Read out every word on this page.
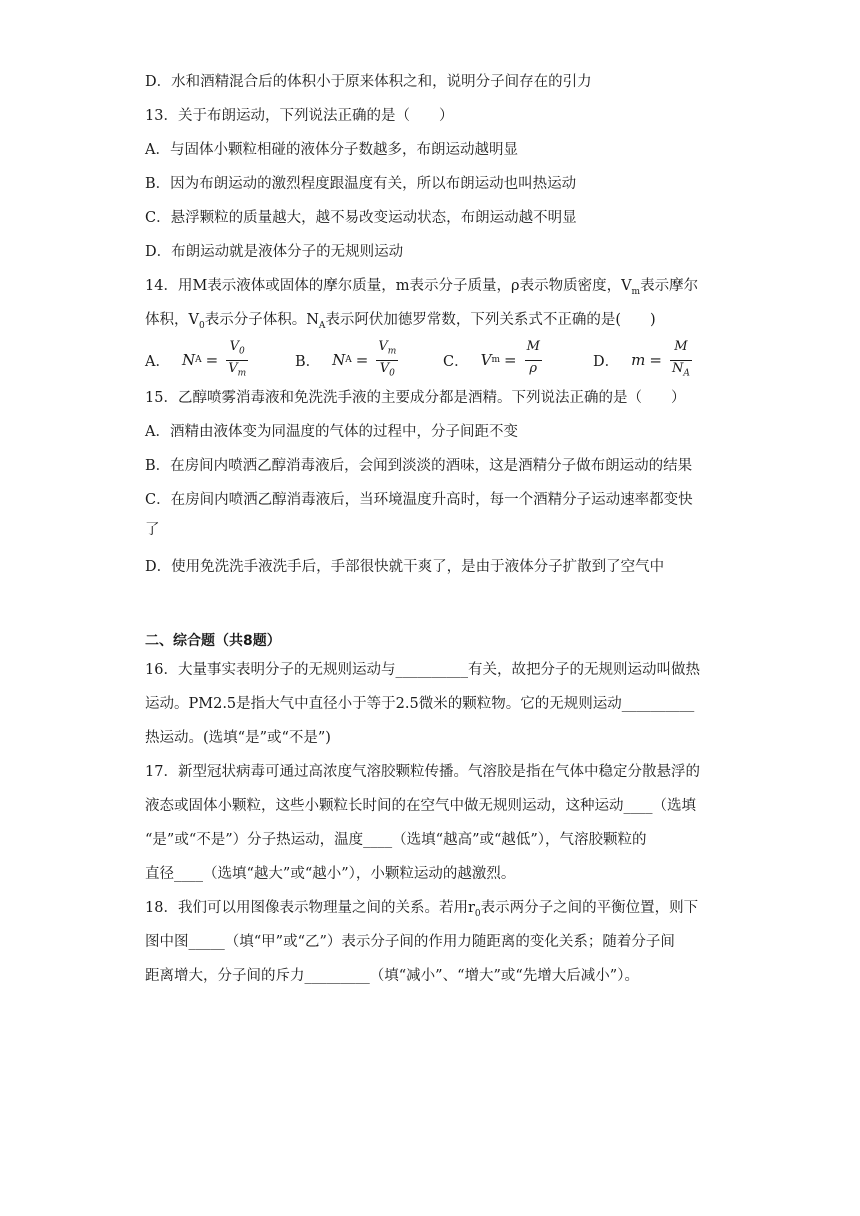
D．水和酒精混合后的体积小于原来体积之和，说明分子间存在的引力
13．关于布朗运动，下列说法正确的是（　　）
A．与固体小颗粒相碰的液体分子数越多，布朗运动越明显
B．因为布朗运动的激烈程度跟温度有关，所以布朗运动也叫热运动
C．悬浮颗粒的质量越大，越不易改变运动状态，布朗运动越不明显
D．布朗运动就是液体分子的无规则运动
14．用M表示液体或固体的摩尔质量，m表示分子质量，ρ表示物质密度，$V_m$表示摩尔
体积，$V_0$表示分子体积。$N_A$表示阿伏加德罗常数，下列关系式不正确的是(　　)
A． N $A = \frac{V_0}{V_m}$	B． N $A = \frac{V_m}{V_0}$	C． V $m = \frac{M}{\rho}$	D． $m = \frac{M}{N_A}$
15．乙醇喷雾消毒液和免洗洗手液的主要成分都是酒精。下列说法正确的是（　　）
A．酒精由液体变为同温度的气体的过程中，分子间距不变
B．在房间内喷洒乙醇消毒液后，会闻到淡淡的酒味，这是酒精分子做布朗运动的结果
C．在房间内喷洒乙醇消毒液后，当环境温度升高时，每一个酒精分子运动速率都变快
了
D．使用免洗洗手液洗手后，手部很快就干爽了，是由于液体分子扩散到了空气中
二、综合题（共8题）
16．大量事实表明分子的无规则运动与__________有关，故把分子的无规则运动叫做热
运动。PM2.5是指大气中直径小于等于2.5微米的颗粒物。它的无规则运动__________
热运动。(选填“是”或“不是”)
17．新型冠状病毒可通过高浓度气溶胶颗粒传播。气溶胶是指在气体中稳定分散悬浮的
液态或固体小颗粒，这些小颗粒长时间的在空气中做无规则运动，这种运动____（选填
“是”或“不是”）分子热运动，温度____（选填“越高”或“越低”），气溶胶颗粒的
直径____（选填“越大”或“越小”），小颗粒运动的越激烈。
18．我们可以用图像表示物理量之间的关系。若用$r_0$表示两分子之间的平衡位置，则下
图中图_____（填“甲”或“乙”）表示分子间的作用力随距离的变化关系；随着分子间
距离增大，分子间的斥力_________（填“减小”、“增大”或“先增大后减小”）。
